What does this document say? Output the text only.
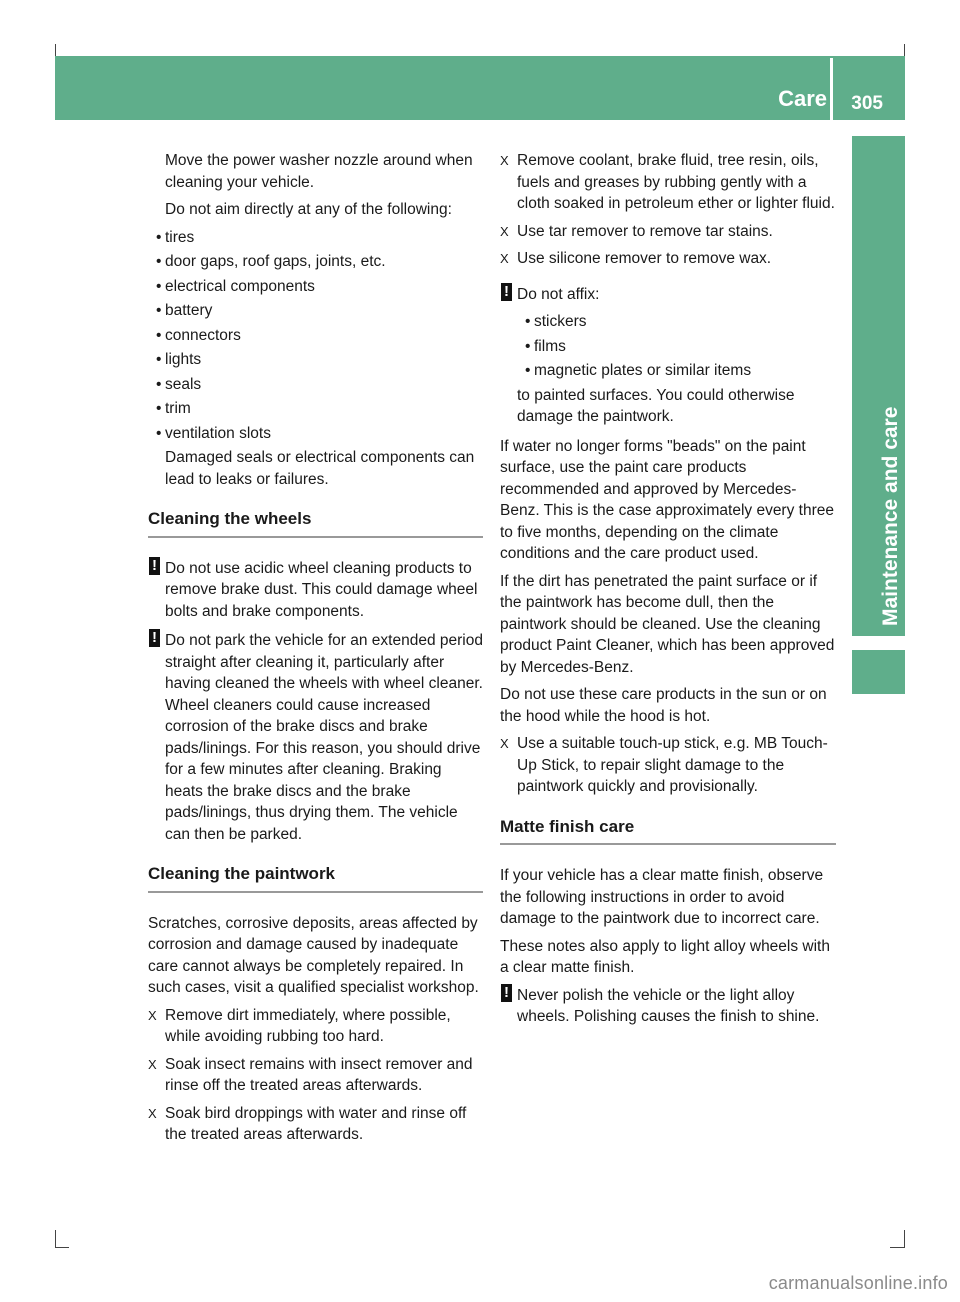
Care 305
Maintenance and care
Move the power washer nozzle around when cleaning your vehicle.
Do not aim directly at any of the following:
• tires
• door gaps, roof gaps, joints, etc.
• electrical components
• battery
• connectors
• lights
• seals
• trim
• ventilation slots
Damaged seals or electrical components can lead to leaks or failures.
Cleaning the wheels
! Do not use acidic wheel cleaning products to remove brake dust. This could damage wheel bolts and brake components.
! Do not park the vehicle for an extended period straight after cleaning it, particularly after having cleaned the wheels with wheel cleaner. Wheel cleaners could cause increased corrosion of the brake discs and brake pads/linings. For this reason, you should drive for a few minutes after cleaning. Braking heats the brake discs and the brake pads/linings, thus drying them. The vehicle can then be parked.
Cleaning the paintwork
Scratches, corrosive deposits, areas affected by corrosion and damage caused by inadequate care cannot always be completely repaired. In such cases, visit a qualified specialist workshop.
X Remove dirt immediately, where possible, while avoiding rubbing too hard.
X Soak insect remains with insect remover and rinse off the treated areas afterwards.
X Soak bird droppings with water and rinse off the treated areas afterwards.
X Remove coolant, brake fluid, tree resin, oils, fuels and greases by rubbing gently with a cloth soaked in petroleum ether or lighter fluid.
X Use tar remover to remove tar stains.
X Use silicone remover to remove wax.
! Do not affix:
• stickers
• films
• magnetic plates or similar items
to painted surfaces. You could otherwise damage the paintwork.
If water no longer forms "beads" on the paint surface, use the paint care products recommended and approved by Mercedes-Benz. This is the case approximately every three to five months, depending on the climate conditions and the care product used.
If the dirt has penetrated the paint surface or if the paintwork has become dull, then the paintwork should be cleaned. Use the cleaning product Paint Cleaner, which has been approved by Mercedes-Benz.
Do not use these care products in the sun or on the hood while the hood is hot.
X Use a suitable touch-up stick, e.g. MB Touch-Up Stick, to repair slight damage to the paintwork quickly and provisionally.
Matte finish care
If your vehicle has a clear matte finish, observe the following instructions in order to avoid damage to the paintwork due to incorrect care.
These notes also apply to light alloy wheels with a clear matte finish.
! Never polish the vehicle or the light alloy wheels. Polishing causes the finish to shine.
carmanualsonline.info
